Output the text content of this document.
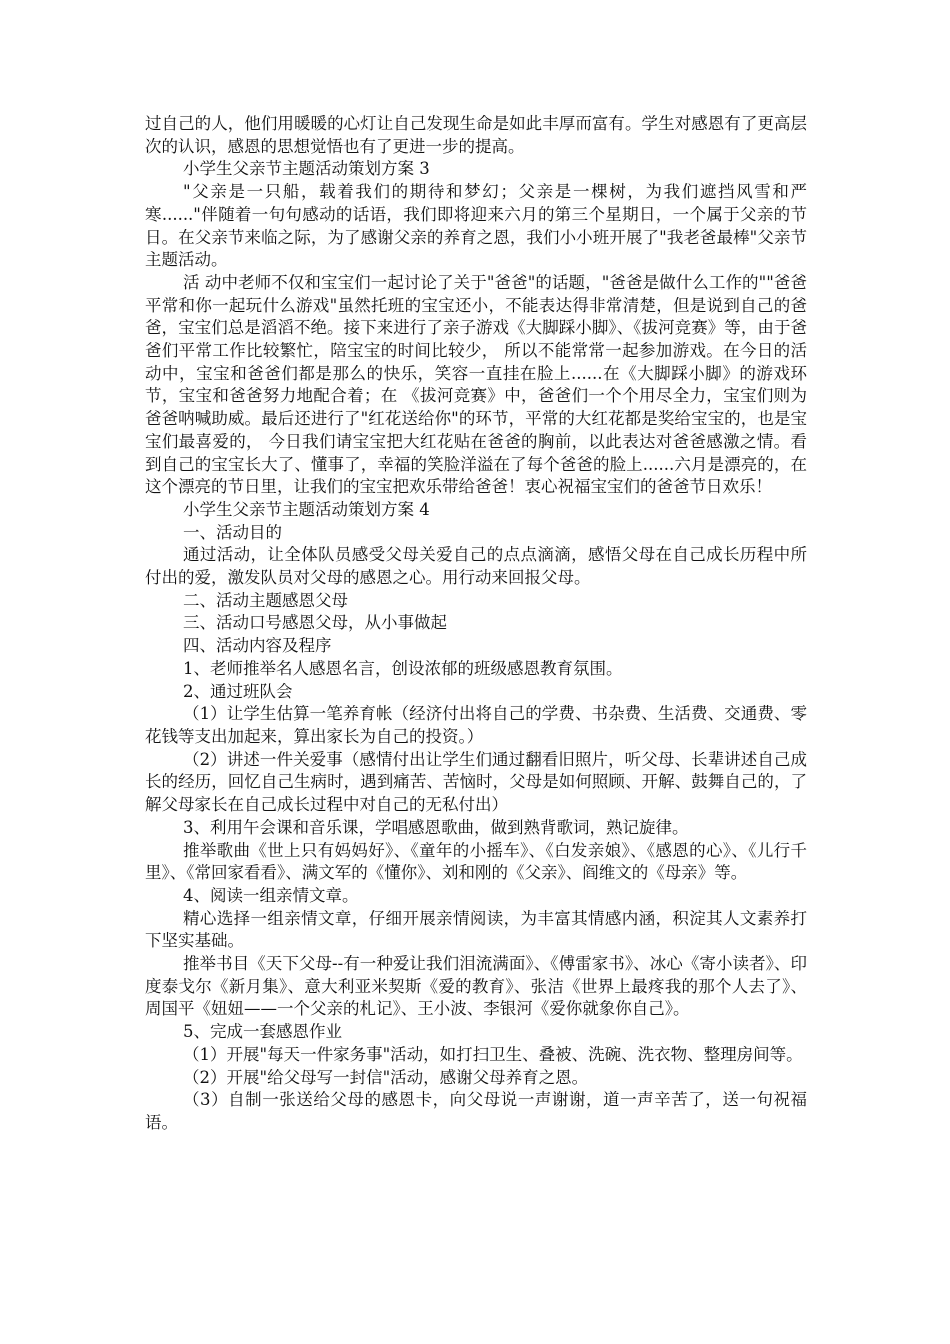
过自己的人，他们用暖暖的心灯让自己发现生命是如此丰厚而富有。学生对感恩有了更高层次的认识，感恩的思想觉悟也有了更进一步的提高。

小学生父亲节主题活动策划方案 3

"父亲是一只船，载着我们的期待和梦幻；父亲是一棵树，为我们遮挡风雪和严寒......"伴随着一句句感动的话语，我们即将迎来六月的第三个星期日，一个属于父亲的节日。在父亲节来临之际，为了感谢父亲的养育之恩，我们小小班开展了"我老爸最棒"父亲节主题活动。

活 动中老师不仅和宝宝们一起讨论了关于"爸爸"的话题，"爸爸是做什么工作的""爸爸平常和你一起玩什么游戏"虽然托班的宝宝还小，不能表达得非常清楚，但是说到自己的爸爸，宝宝们总是滔滔不绝。接下来进行了亲子游戏《大脚踩小脚》、《拔河竞赛》等，由于爸爸们平常工作比较繁忙，陪宝宝的时间比较少， 所以不能常常一起参加游戏。在今日的活动中，宝宝和爸爸们都是那么的快乐，笑容一直挂在脸上......在《大脚踩小脚》的游戏环节，宝宝和爸爸努力地配合着；在 《拔河竞赛》中，爸爸们一个个用尽全力，宝宝们则为爸爸呐喊助威。最后还进行了"红花送给你"的环节，平常的大红花都是奖给宝宝的，也是宝宝们最喜爱的， 今日我们请宝宝把大红花贴在爸爸的胸前，以此表达对爸爸感激之情。看到自己的宝宝长大了、懂事了，幸福的笑脸洋溢在了每个爸爸的脸上......六月是漂亮的，在 这个漂亮的节日里，让我们的宝宝把欢乐带给爸爸！衷心祝福宝宝们的爸爸节日欢乐！

小学生父亲节主题活动策划方案 4

一、活动目的

通过活动，让全体队员感受父母关爱自己的点点滴滴，感悟父母在自己成长历程中所付出的爱，激发队员对父母的感恩之心。用行动来回报父母。

二、活动主题感恩父母

三、活动口号感恩父母，从小事做起

四、活动内容及程序

1、老师推举名人感恩名言，创设浓郁的班级感恩教育氛围。

2、通过班队会

（1）让学生估算一笔养育帐（经济付出将自己的学费、书杂费、生活费、交通费、零花钱等支出加起来，算出家长为自己的投资。）

（2）讲述一件关爱事（感情付出让学生们通过翻看旧照片，听父母、长辈讲述自己成长的经历，回忆自己生病时，遇到痛苦、苦恼时，父母是如何照顾、开解、鼓舞自己的，了解父母家长在自己成长过程中对自己的无私付出）

3、利用午会课和音乐课，学唱感恩歌曲，做到熟背歌词，熟记旋律。

推举歌曲《世上只有妈妈好》、《童年的小摇车》、《白发亲娘》、《感恩的心》、《儿行千里》、《常回家看看》、满文军的《懂你》、刘和刚的《父亲》、阎维文的《母亲》等。

4、阅读一组亲情文章。

精心选择一组亲情文章，仔细开展亲情阅读，为丰富其情感内涵，积淀其人文素养打下坚实基础。

推举书目《天下父母--有一种爱让我们泪流满面》、《傅雷家书》、冰心《寄小读者》、印度泰戈尔《新月集》、意大利亚米契斯《爱的教育》、张洁《世界上最疼我的那个人去了》、周国平《妞妞——一个父亲的札记》、王小波、李银河《爱你就象你自己》。

5、完成一套感恩作业

（1）开展"每天一件家务事"活动，如打扫卫生、叠被、洗碗、洗衣物、整理房间等。

（2）开展"给父母写一封信"活动，感谢父母养育之恩。

（3）自制一张送给父母的感恩卡，向父母说一声谢谢，道一声辛苦了，送一句祝福语。
